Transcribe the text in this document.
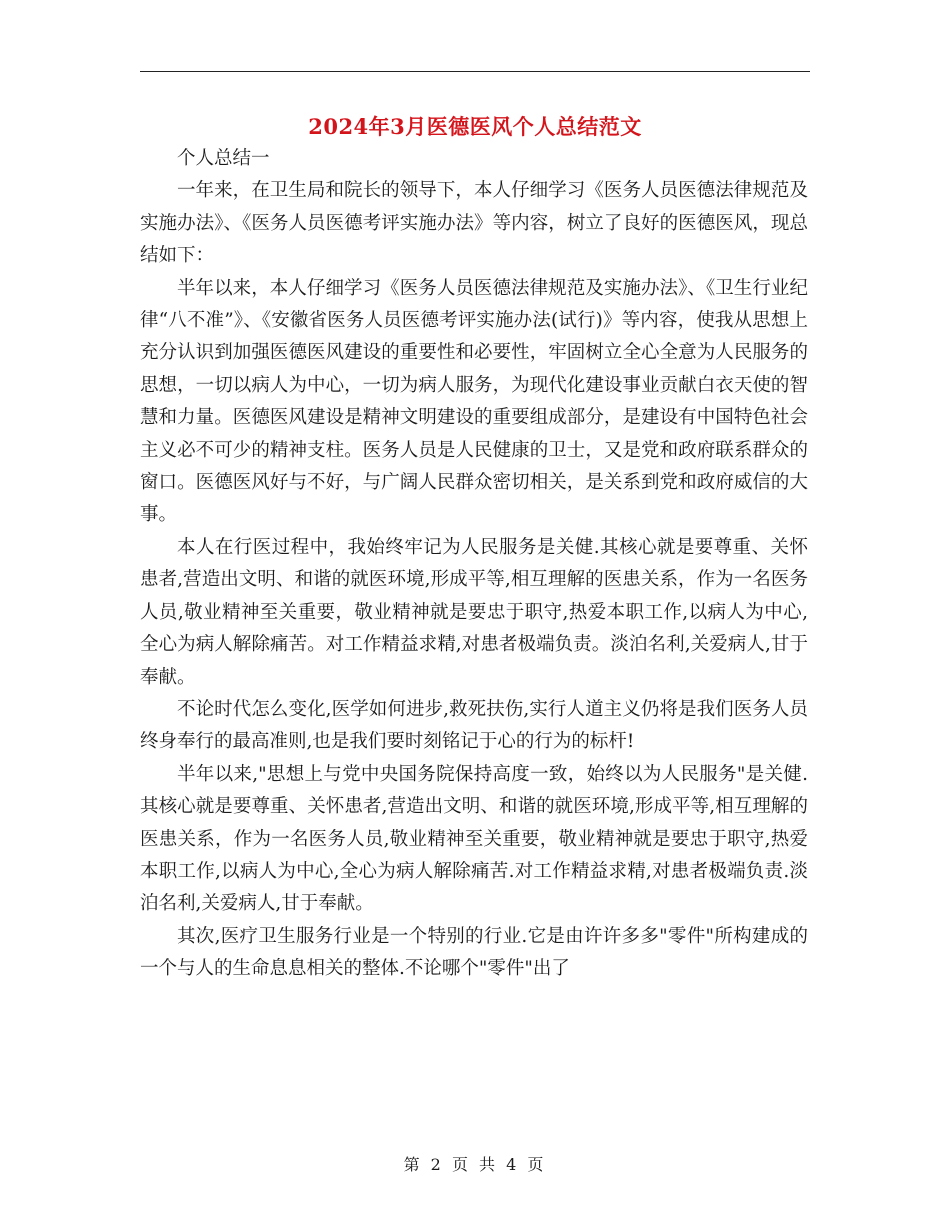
2024年3月医德医风个人总结范文

个人总结一

一年来，在卫生局和院长的领导下，本人仔细学习《医务人员医德法律规范及实施办法》、《医务人员医德考评实施办法》等内容，树立了良好的医德医风，现总结如下：

半年以来，本人仔细学习《医务人员医德法律规范及实施办法》、《卫生行业纪律“八不准”》、《安徽省医务人员医德考评实施办法(试行)》等内容，使我从思想上充分认识到加强医德医风建设的重要性和必要性，牢固树立全心全意为人民服务的思想，一切以病人为中心，一切为病人服务，为现代化建设事业贡献白衣天使的智慧和力量。医德医风建设是精神文明建设的重要组成部分，是建设有中国特色社会主义必不可少的精神支柱。医务人员是人民健康的卫士，又是党和政府联系群众的窗口。医德医风好与不好，与广阔人民群众密切相关，是关系到党和政府威信的大事。

本人在行医过程中，我始终牢记为人民服务是关健.其核心就是要尊重、关怀患者,营造出文明、和谐的就医环境,形成平等,相互理解的医患关系，作为一名医务人员,敬业精神至关重要，敬业精神就是要忠于职守,热爱本职工作,以病人为中心,全心为病人解除痛苦。对工作精益求精,对患者极端负责。淡泊名利,关爱病人,甘于奉献。

不论时代怎么变化,医学如何进步,救死扶伤,实行人道主义仍将是我们医务人员终身奉行的最高准则,也是我们要时刻铭记于心的行为的标杆!

半年以来,"思想上与党中央国务院保持高度一致，始终以为人民服务"是关健.其核心就是要尊重、关怀患者,营造出文明、和谐的就医环境,形成平等,相互理解的医患关系，作为一名医务人员,敬业精神至关重要，敬业精神就是要忠于职守,热爱本职工作,以病人为中心,全心为病人解除痛苦.对工作精益求精,对患者极端负责.淡泊名利,关爱病人,甘于奉献。

其次,医疗卫生服务行业是一个特别的行业.它是由许许多多"零件"所构建成的一个与人的生命息息相关的整体.不论哪个"零件"出了

第 2 页 共 4 页
